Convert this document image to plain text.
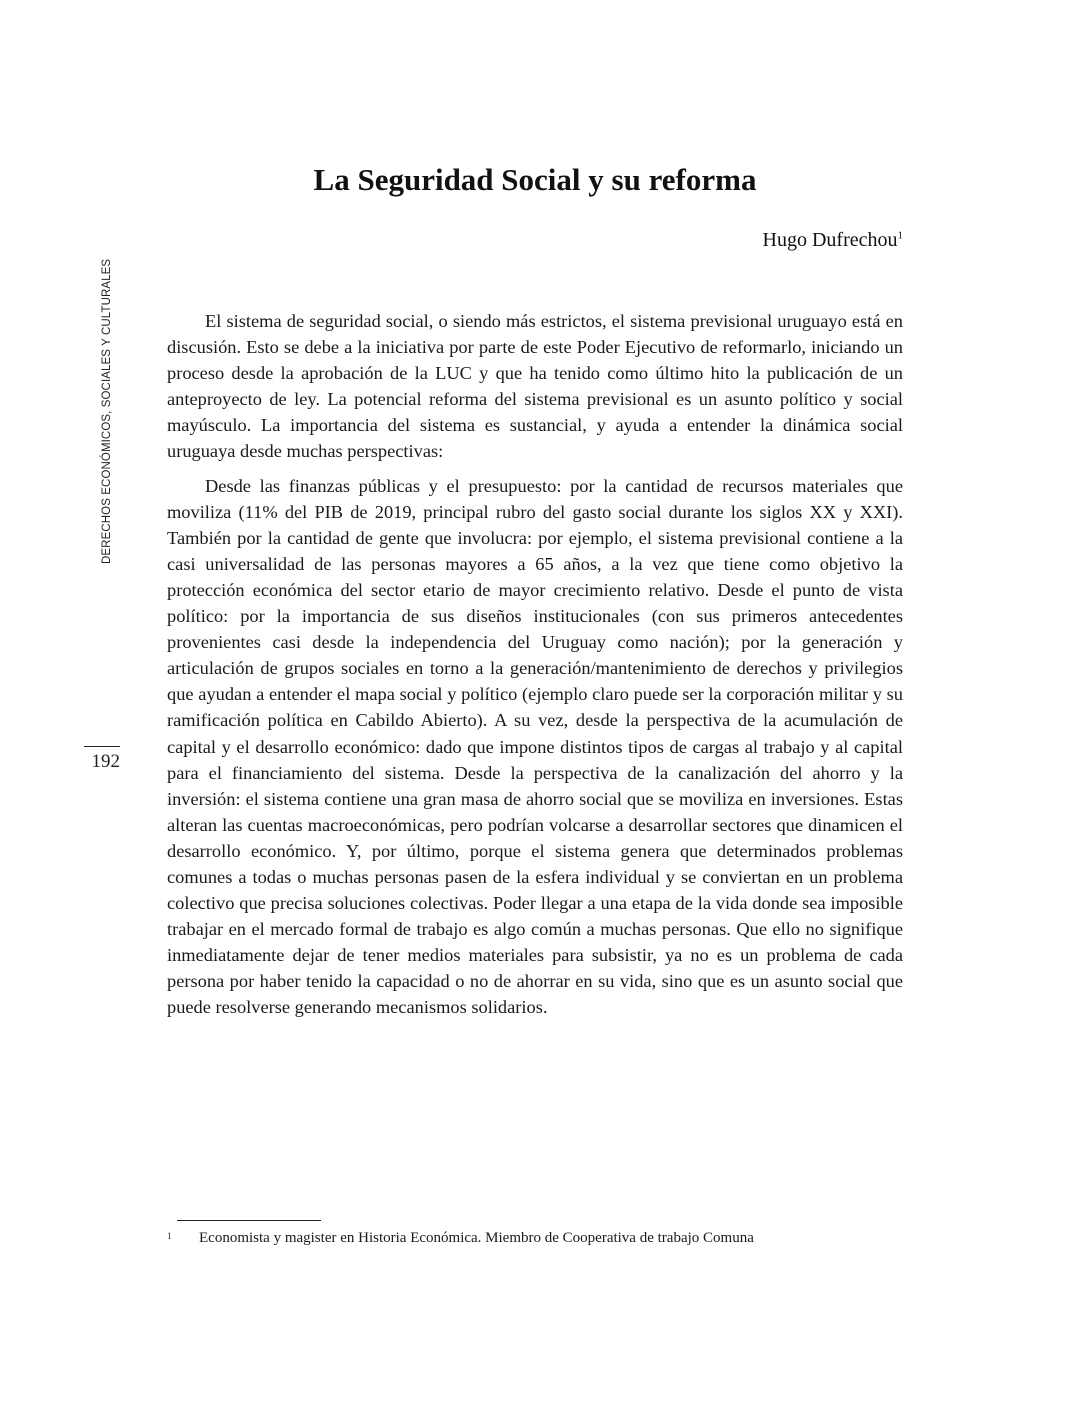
DERECHOS ECONÓMICOS, SOCIALES Y CULTURALES
192
La Seguridad Social y su reforma
Hugo Dufrechou$^1$

El sistema de seguridad social, o siendo más estrictos, el sistema previsional uruguayo está en discusión. Esto se debe a la iniciativa por parte de este Poder Ejecutivo de reformarlo, iniciando un proceso desde la aprobación de la LUC y que ha tenido como último hito la publicación de un anteproyecto de ley. La potencial reforma del sistema previsional es un asunto político y social mayúsculo. La importancia del sistema es sustancial, y ayuda a entender la dinámica social uruguaya desde muchas perspectivas:

Desde las finanzas públicas y el presupuesto: por la cantidad de recursos materiales que moviliza (11% del PIB de 2019, principal rubro del gasto social durante los siglos XX y XXI). También por la cantidad de gente que involucra: por ejemplo, el sistema previsional contiene a la casi universalidad de las personas mayores a 65 años, a la vez que tiene como objetivo la protección económica del sector etario de mayor crecimiento relativo. Desde el punto de vista político: por la importancia de sus diseños institucionales (con sus primeros antecedentes provenientes casi desde la independencia del Uruguay como nación); por la generación y articulación de grupos sociales en torno a la generación/mantenimiento de derechos y privilegios que ayudan a entender el mapa social y político (ejemplo claro puede ser la corporación militar y su ramificación política en Cabildo Abierto). A su vez, desde la perspectiva de la acumulación de capital y el desarrollo económico: dado que impone distintos tipos de cargas al trabajo y al capital para el financiamiento del sistema. Desde la perspectiva de la canalización del ahorro y la inversión: el sistema contiene una gran masa de ahorro social que se moviliza en inversiones. Estas alteran las cuentas macroeconómicas, pero podrían volcarse a desarrollar sectores que dinamicen el desarrollo económico. Y, por último, porque el sistema genera que determinados problemas comunes a todas o muchas personas pasen de la esfera individual y se conviertan en un problema colectivo que precisa soluciones colectivas. Poder llegar a una etapa de la vida donde sea imposible trabajar en el mercado formal de trabajo es algo común a muchas personas. Que ello no signifique inmediatamente dejar de tener medios materiales para subsistir, ya no es un problema de cada persona por haber tenido la capacidad o no de ahorrar en su vida, sino que es un asunto social que puede resolverse generando mecanismos solidarios.

1 Economista y magister en Historia Económica. Miembro de Cooperativa de trabajo Comuna
